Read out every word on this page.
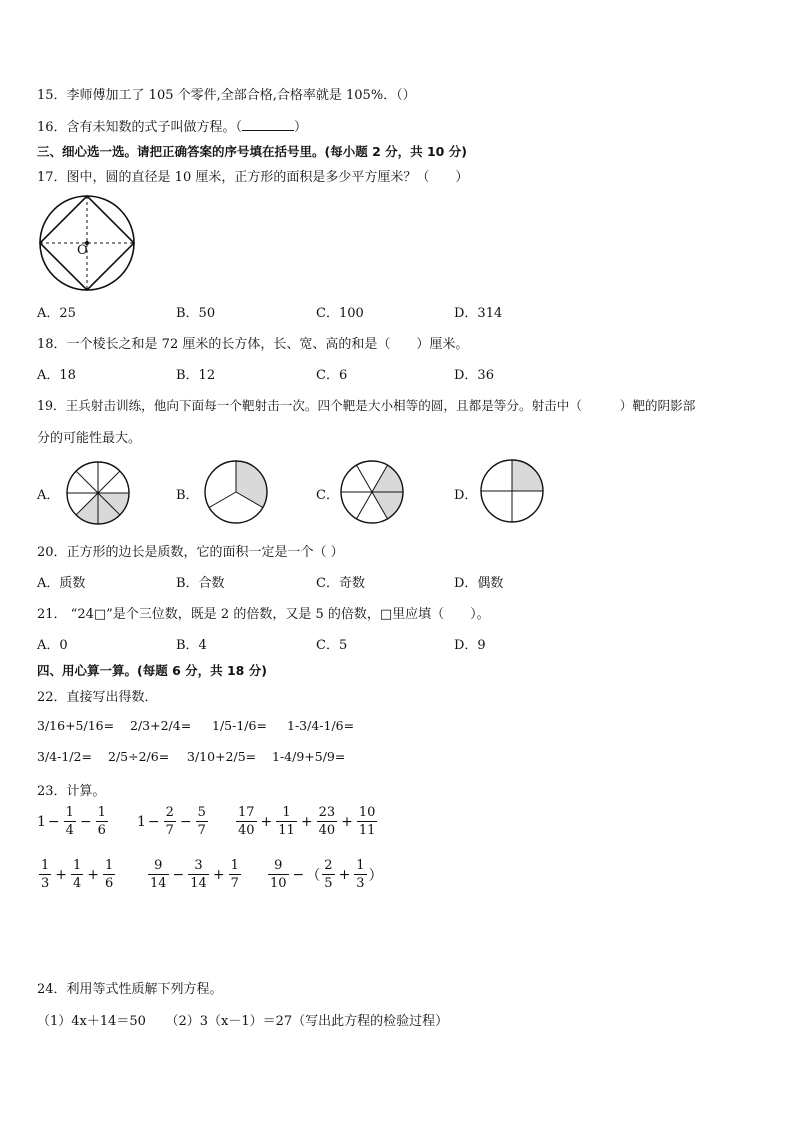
15．李师傅加工了 105 个零件,全部合格,合格率就是 105%．（）
16．含有未知数的式子叫做方程。（	）
三、细心选一选。请把正确答案的序号填在括号里。(每小题 2 分，共 10 分)
17．图中，圆的直径是 10 厘米，正方形的面积是多少平方厘米？（　　）
O
A．25	B．50	C．100	D．314
18．一个棱长之和是 72 厘米的长方体，长、宽、高的和是（　　）厘米。
A．18	B．12	C．6	D．36
19．王兵射击训练，他向下面每一个靶射击一次。四个靶是大小相等的圆，且都是等分。射击中（　　　）靶的阴影部
分的可能性最大。
A．	B．	C．	D．
20．正方形的边长是质数，它的面积一定是一个（ ）
A．质数	B．合数	C．奇数	D．偶数
21． “24□”是个三位数，既是 2 的倍数，又是 5 的倍数，□里应填（　　）。
A．0	B．4	C．5	D．9
四、用心算一算。(每题 6 分，共 18 分)
22．直接写出得数．
3/16+5/16= 2/3+2/4= 1/5-1/6= 1-3/4-1/6=
3/4-1/2= 2/5÷2/6= 3/10+2/5= 1-4/9+5/9=
23．计算。
$1 - \frac{1}{4} - \frac{1}{6} 1 - \frac{2}{7} - \frac{5}{7} \frac{17}{40} + \frac{1}{11} + \frac{23}{40} + \frac{10}{11}$
$\frac{1}{3} + \frac{1}{4} + \frac{1}{6}$	$\frac{9}{14} - \frac{3}{14} + \frac{1}{7} \frac{9}{10}$ − （ $\frac{2}{5} + \frac{1}{3}$ ）
24．利用等式性质解下列方程。
（1）4x＋14＝50　　（2）3（x－1）＝27（写出此方程的检验过程）
